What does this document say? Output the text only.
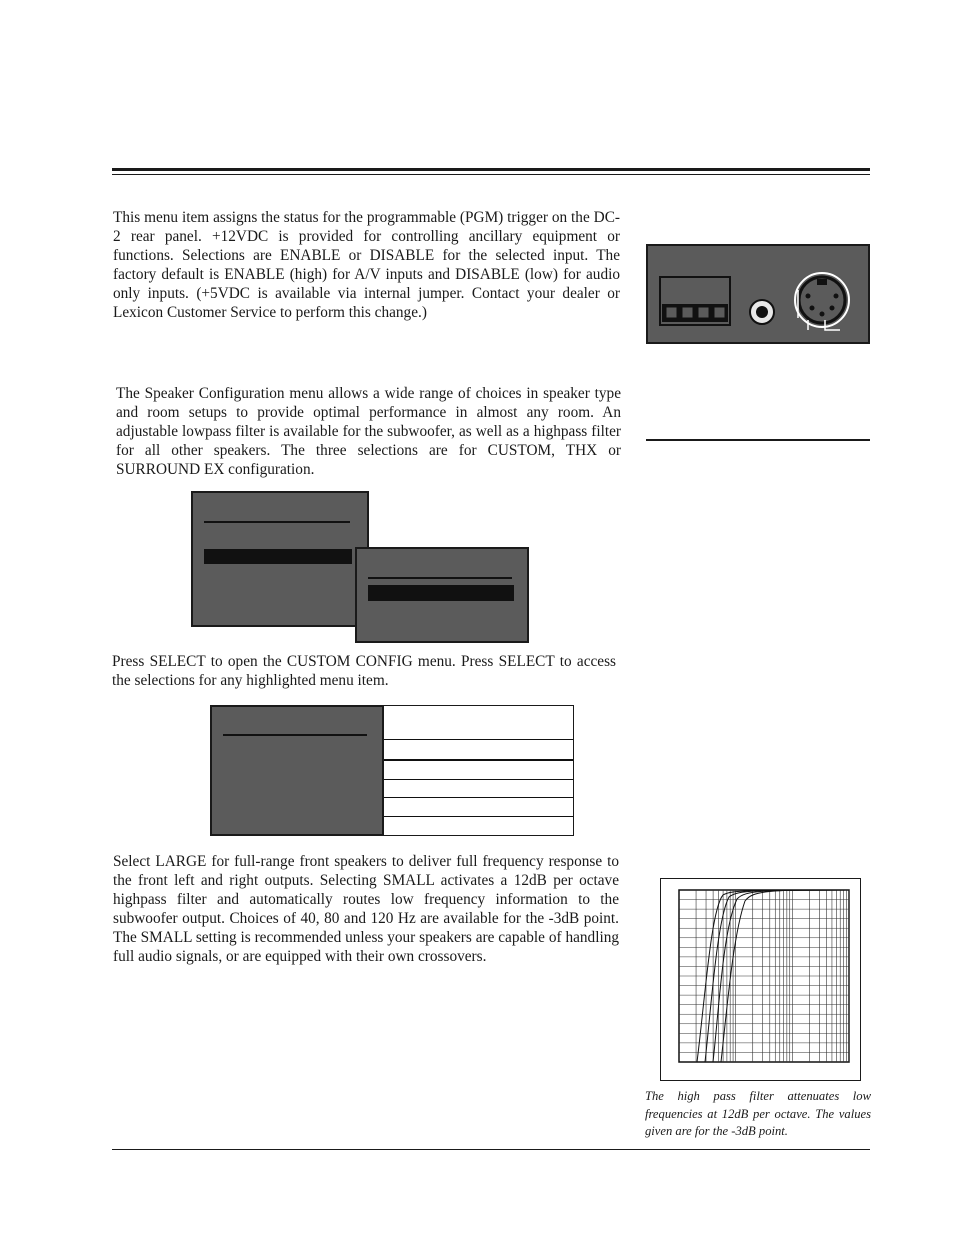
This menu item assigns the status for the programmable (PGM) trigger on the DC-2 rear panel. +12VDC is provided for controlling ancillary equipment or functions. Selections are ENABLE or DISABLE for the selected input. The factory default is ENABLE (high) for A/V inputs and DISABLE (low) for audio only inputs. (+5VDC is available via internal jumper. Contact your dealer or Lexicon Customer Service to perform this change.)

The Speaker Configuration menu allows a wide range of choices in speaker type and room setups to provide optimal performance in almost any room. An adjustable lowpass filter is available for the subwoofer, as well as a highpass filter for all other speakers. The three selections are for CUSTOM, THX or SURROUND EX configuration.

Press SELECT to open the CUSTOM CONFIG menu. Press SELECT to access the selections for any highlighted menu item.

Select LARGE for full-range front speakers to deliver full frequency response to the front left and right outputs. Selecting SMALL activates a 12dB per octave highpass filter and automatically routes low frequency information to the subwoofer output. Choices of 40, 80 and 120 Hz are available for the -3dB point. The SMALL setting is recommended unless your speakers are capable of handling full audio signals, or are equipped with their own crossovers.

The high pass filter attenuates low frequencies at 12dB per octave. The values given are for the -3dB point.
